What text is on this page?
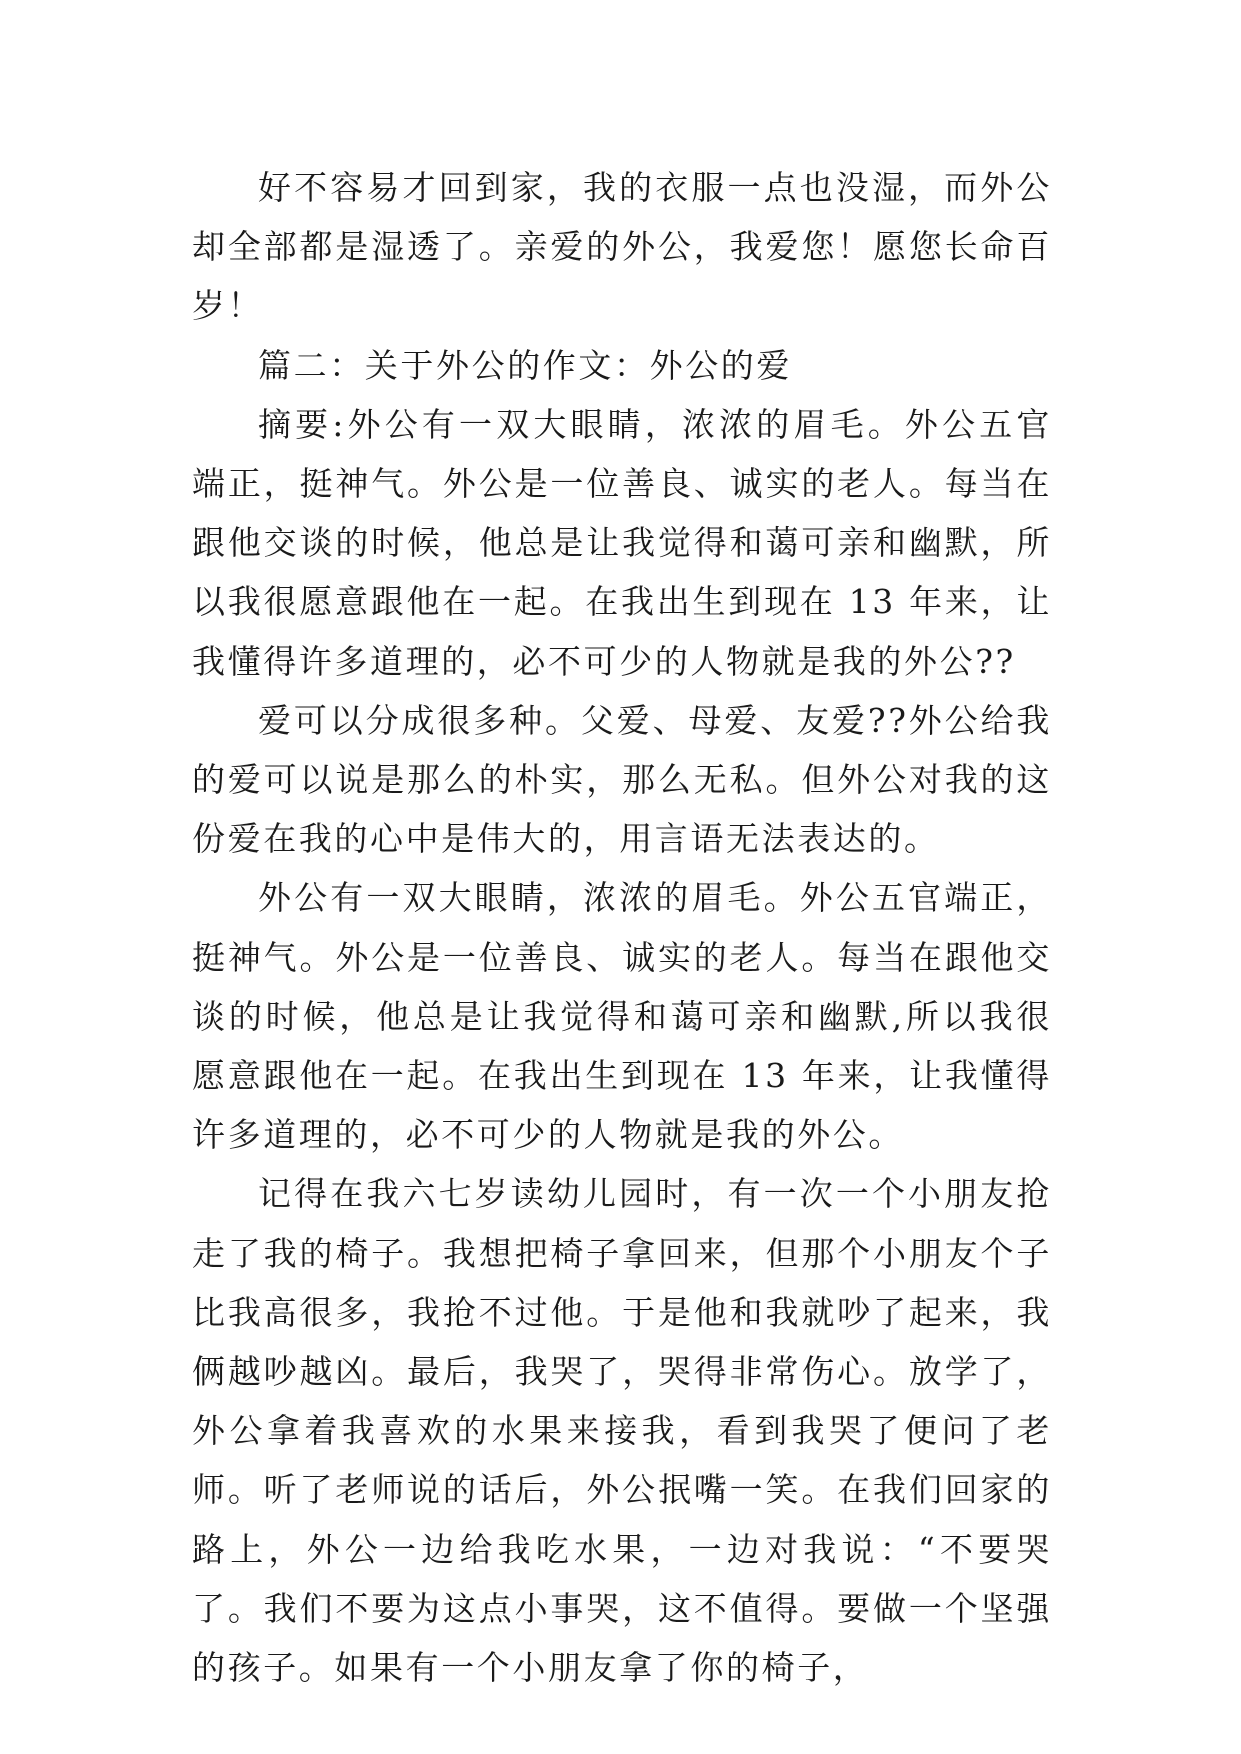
好不容易才回到家，我的衣服一点也没湿，而外公却全部都是湿透了。亲爱的外公，我爱您！愿您长命百岁！

篇二：关于外公的作文：外公的爱

摘要:外公有一双大眼睛，浓浓的眉毛。外公五官端正，挺神气。外公是一位善良、诚实的老人。每当在跟他交谈的时候，他总是让我觉得和蔼可亲和幽默，所以我很愿意跟他在一起。在我出生到现在 13 年来，让我懂得许多道理的，必不可少的人物就是我的外公??

爱可以分成很多种。父爱、母爱、友爱??外公给我的爱可以说是那么的朴实，那么无私。但外公对我的这份爱在我的心中是伟大的，用言语无法表达的。

外公有一双大眼睛，浓浓的眉毛。外公五官端正，挺神气。外公是一位善良、诚实的老人。每当在跟他交谈的时候，他总是让我觉得和蔼可亲和幽默,所以我很愿意跟他在一起。在我出生到现在 13 年来，让我懂得许多道理的，必不可少的人物就是我的外公。

记得在我六七岁读幼儿园时，有一次一个小朋友抢走了我的椅子。我想把椅子拿回来，但那个小朋友个子比我高很多，我抢不过他。于是他和我就吵了起来，我俩越吵越凶。最后，我哭了，哭得非常伤心。放学了，外公拿着我喜欢的水果来接我，看到我哭了便问了老师。听了老师说的话后，外公抿嘴一笑。在我们回家的路上，外公一边给我吃水果，一边对我说：“不要哭了。我们不要为这点小事哭，这不值得。要做一个坚强的孩子。如果有一个小朋友拿了你的椅子，
